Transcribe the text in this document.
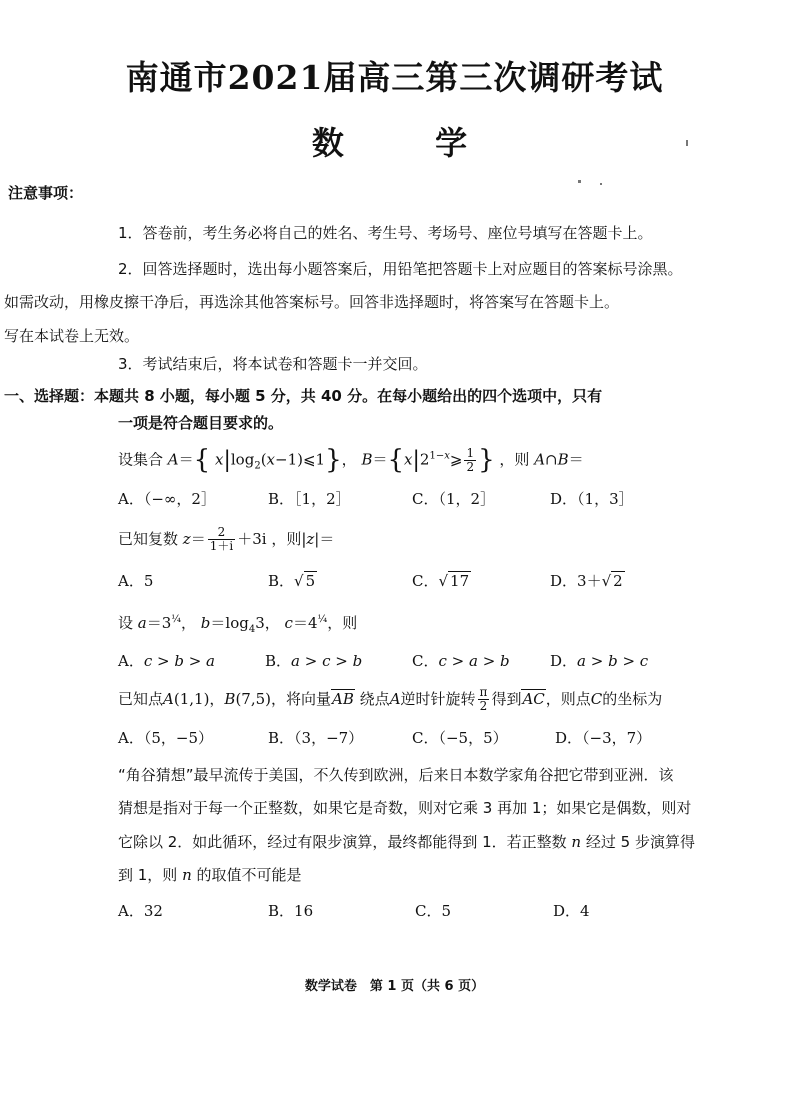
南通市2021届高三第三次调研考试
数 学
注意事项：
1．答卷前，考生务必将自己的姓名、考生号、考场号、座位号填写在答题卡上。
2．回答选择题时，选出每小题答案后，用铅笔把答题卡上对应题目的答案标号涂黑。
如需改动，用橡皮擦干净后，再选涂其他答案标号。回答非选择题时，将答案写在答题卡上。
写在本试卷上无效。
3．考试结束后，将本试卷和答题卡一并交回。
一、选择题：本题共 8 小题，每小题 5 分，共 40 分。在每小题给出的四个选项中，只有
一项是符合题目要求的。
设集合 A＝{ $x|\log_2(x-1)⩽1$}， $B=\{x|2^{1-x}⩾ \frac{1}{2}$ } ，则 A∩B＝
A．（−∞，2］	B．［1，2］	C．（1，2］	D．（1，3］
已知复数 $z= \frac{2}{1+i} +3i$ ，则|z|＝
A．5	B．√ 5	C．√ 17	D．3＋√ 2
设 $a=3^{\frac{1}{4}}$， $b=\log_43$， $c=4^{\frac{1}{4}}$，则
A．c > b > a	B．a > c > b	C．c > a > b	D．a > b > c
已知点A(1,1)，B(7,5)，将向量AB 绕点A逆时针旋转 $\frac{\pi}{2}$ 得到AC，则点C的坐标为
A．（5，−5）	B．（3，−7）	C．（−5，5）	D．（−3，7）
“角谷猜想”最早流传于美国，不久传到欧洲，后来日本数学家角谷把它带到亚洲．该
猜想是指对于每一个正整数，如果它是奇数，则对它乘 3 再加 1；如果它是偶数，则对
它除以 2．如此循环，经过有限步演算，最终都能得到 1．若正整数 n 经过 5 步演算得
到 1，则 n 的取值不可能是
A．32	B．16	C．5	D．4
数学试卷　第 1 页（共 6 页）
